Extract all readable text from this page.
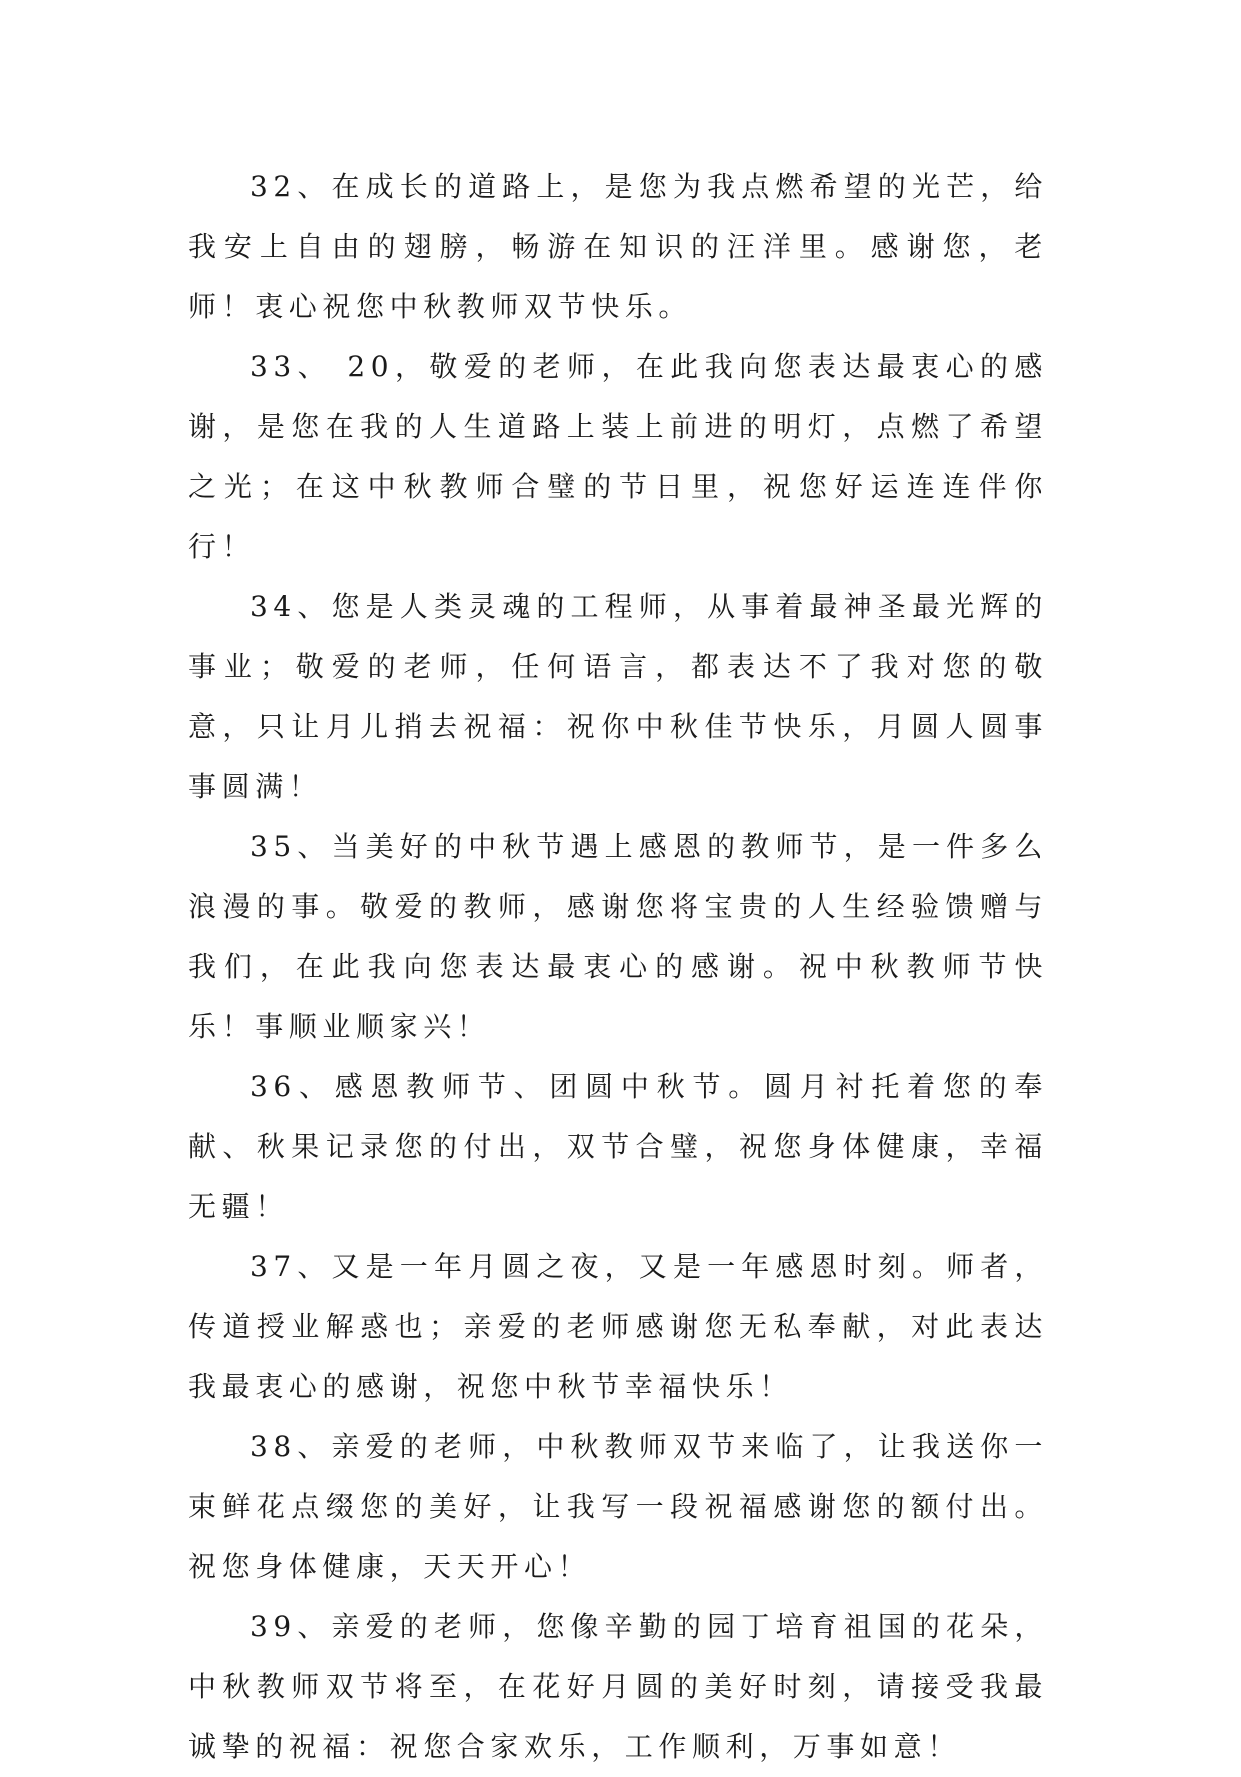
32、在成长的道路上，是您为我点燃希望的光芒，给我安上自由的翅膀，畅游在知识的汪洋里。感谢您，老师！衷心祝您中秋教师双节快乐。

33、 20，敬爱的老师，在此我向您表达最衷心的感谢，是您在我的人生道路上装上前进的明灯，点燃了希望之光；在这中秋教师合璧的节日里，祝您好运连连伴你行！

34、您是人类灵魂的工程师，从事着最神圣最光辉的事业；敬爱的老师，任何语言，都表达不了我对您的敬意，只让月儿捎去祝福：祝你中秋佳节快乐，月圆人圆事事圆满！

35、当美好的中秋节遇上感恩的教师节，是一件多么浪漫的事。敬爱的教师，感谢您将宝贵的人生经验馈赠与我们，在此我向您表达最衷心的感谢。祝中秋教师节快乐！事顺业顺家兴！

36、感恩教师节、团圆中秋节。圆月衬托着您的奉献、秋果记录您的付出，双节合璧，祝您身体健康，幸福无疆！

37、又是一年月圆之夜，又是一年感恩时刻。师者，传道授业解惑也；亲爱的老师感谢您无私奉献，对此表达我最衷心的感谢，祝您中秋节幸福快乐！

38、亲爱的老师，中秋教师双节来临了，让我送你一束鲜花点缀您的美好，让我写一段祝福感谢您的额付出。祝您身体健康，天天开心！

39、亲爱的老师，您像辛勤的园丁培育祖国的花朵，中秋教师双节将至，在花好月圆的美好时刻，请接受我最诚挚的祝福：祝您合家欢乐，工作顺利，万事如意！
